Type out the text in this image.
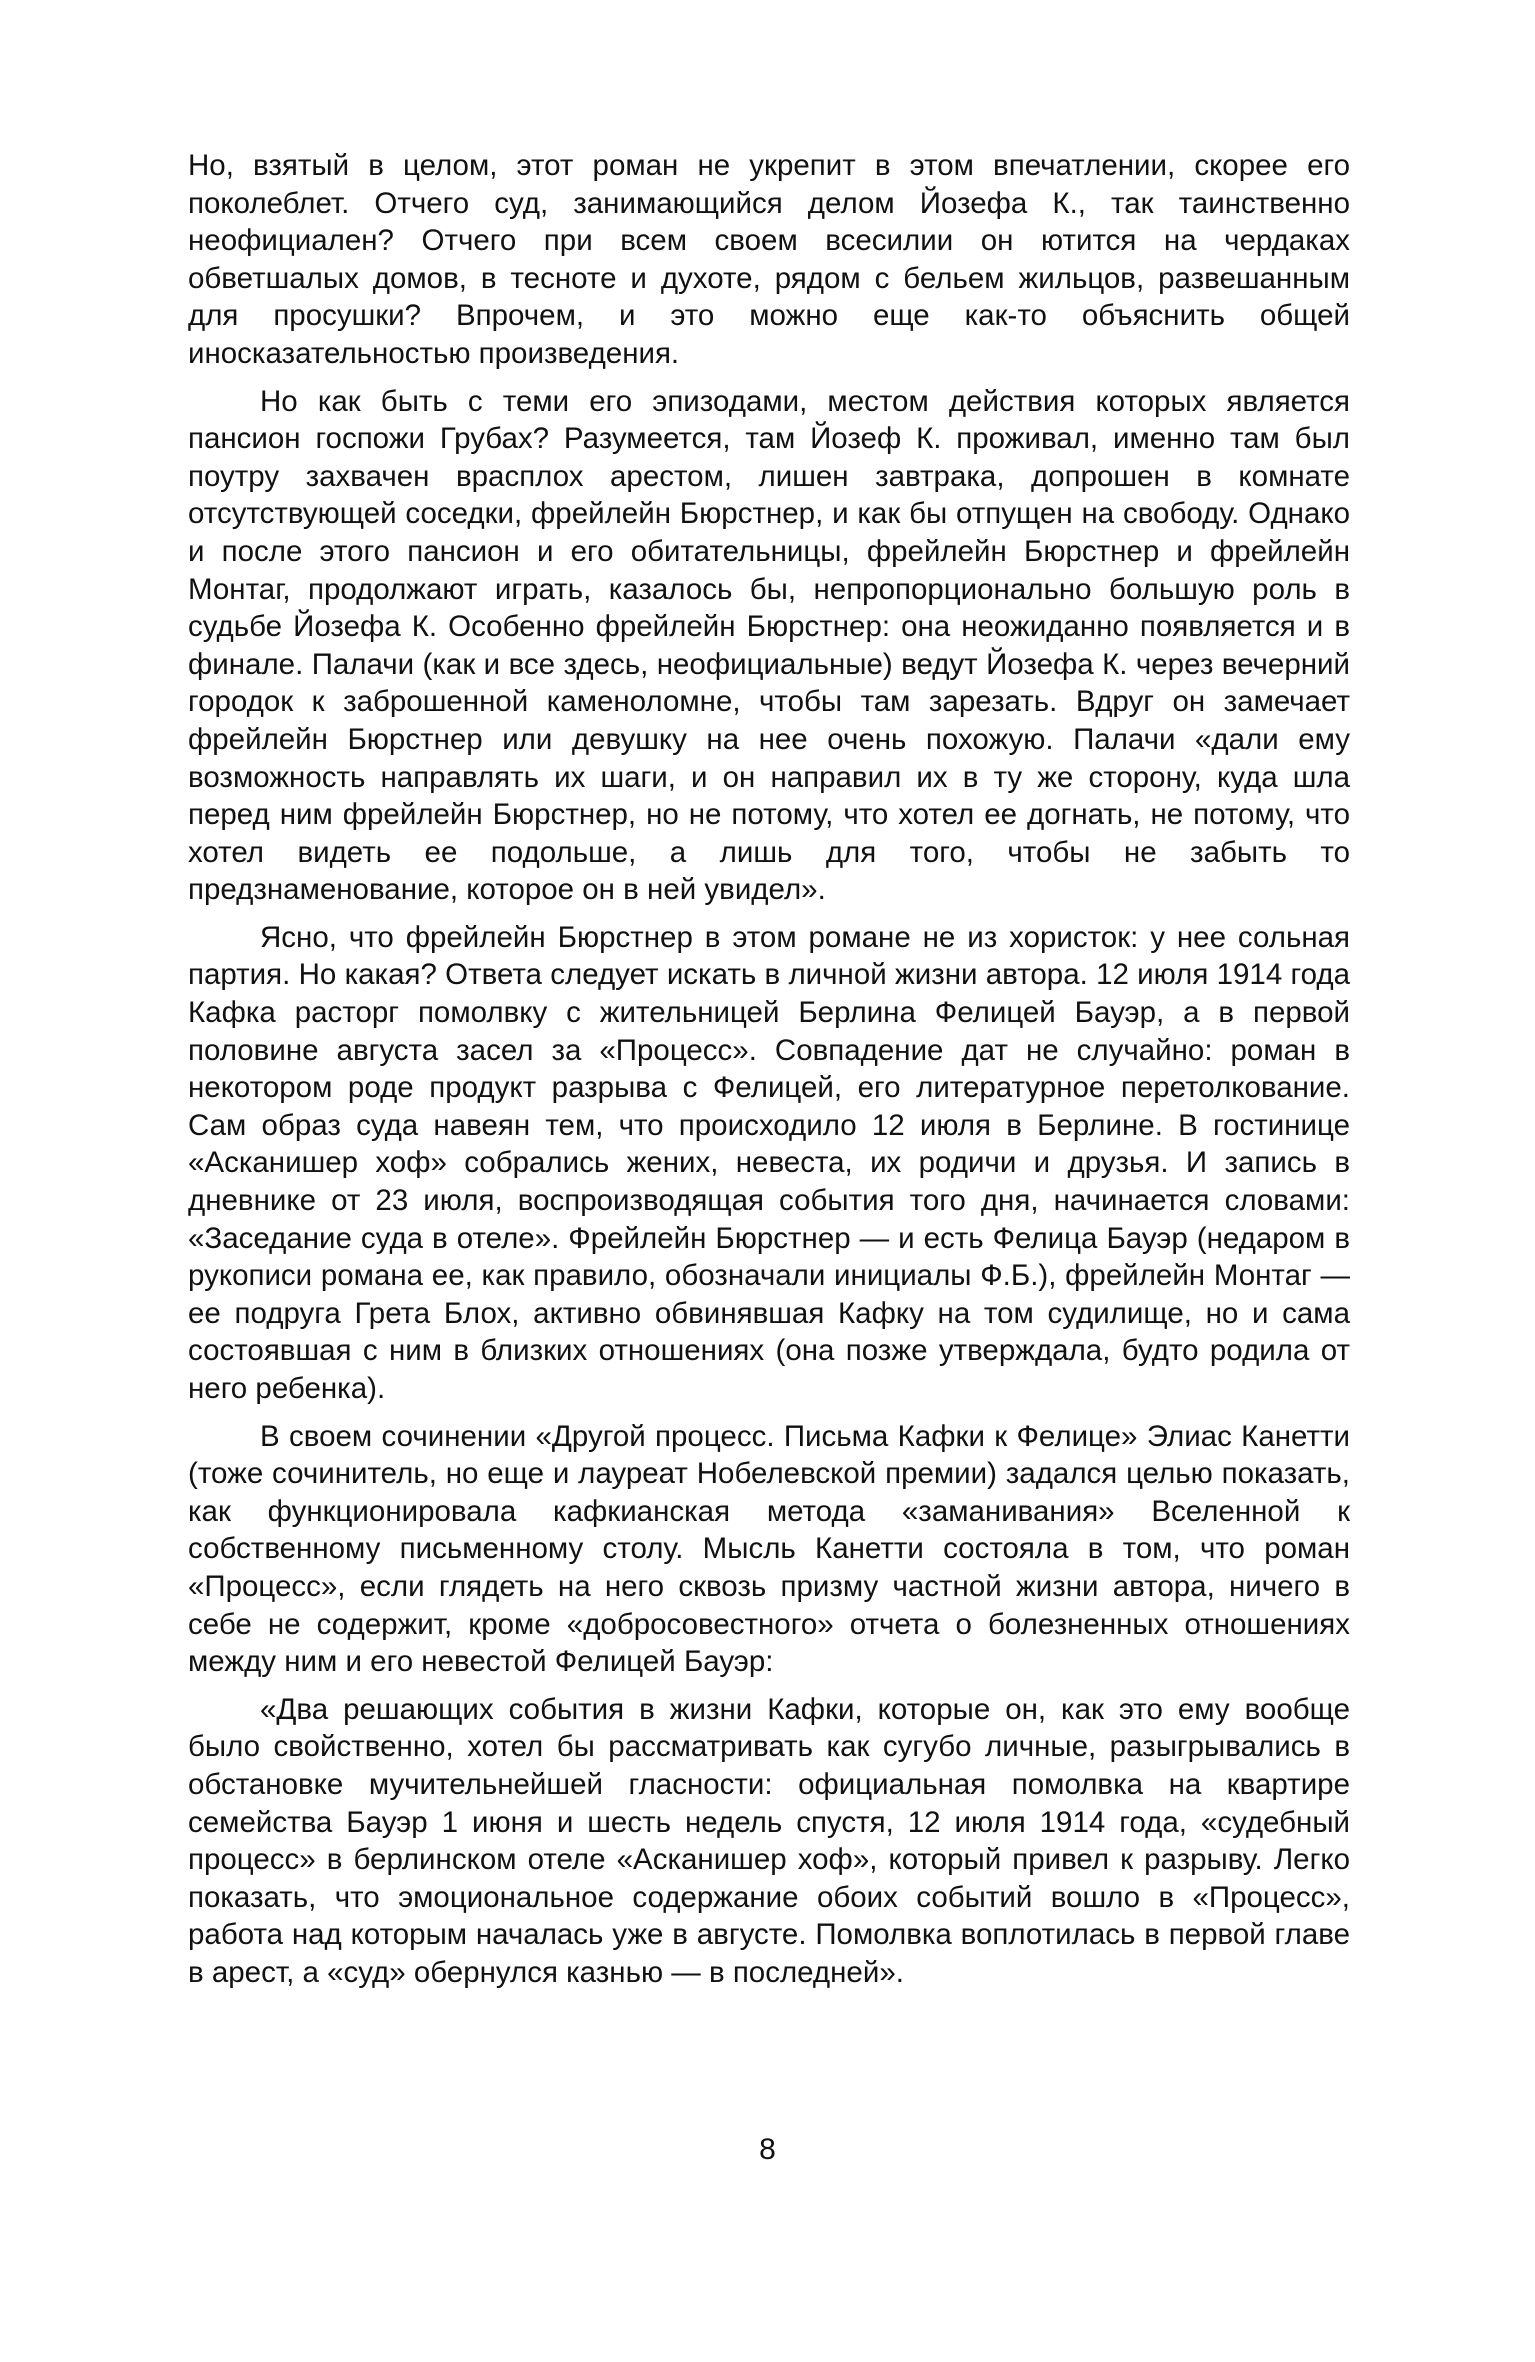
Но, взятый в целом, этот роман не укрепит в этом впечатлении, скорее его поколеблет. Отчего суд, занимающийся делом Йозефа К., так таинственно неофициален? Отчего при всем своем всесилии он ютится на чердаках обветшалых домов, в тесноте и духоте, рядом с бельем жильцов, развешанным для просушки? Впрочем, и это можно еще как-то объяснить общей иносказательностью произведения.

Но как быть с теми его эпизодами, местом действия которых является пансион госпожи Грубах? Разумеется, там Йозеф К. проживал, именно там был поутру захвачен врасплох арестом, лишен завтрака, допрошен в комнате отсутствующей соседки, фрейлейн Бюрстнер, и как бы отпущен на свободу. Однако и после этого пансион и его обитательницы, фрейлейн Бюрстнер и фрейлейн Монтаг, продолжают играть, казалось бы, непропорционально большую роль в судьбе Йозефа К. Особенно фрейлейн Бюрстнер: она неожиданно появляется и в финале. Палачи (как и все здесь, неофициальные) ведут Йозефа К. через вечерний городок к заброшенной каменоломне, чтобы там зарезать. Вдруг он замечает фрейлейн Бюрстнер или девушку на нее очень похожую. Палачи «дали ему возможность направлять их шаги, и он направил их в ту же сторону, куда шла перед ним фрейлейн Бюрстнер, но не потому, что хотел ее догнать, не потому, что хотел видеть ее подольше, а лишь для того, чтобы не забыть то предзнаменование, которое он в ней увидел».

Ясно, что фрейлейн Бюрстнер в этом романе не из хористок: у нее сольная партия. Но какая? Ответа следует искать в личной жизни автора. 12 июля 1914 года Кафка расторг помолвку с жительницей Берлина Фелицей Бауэр, а в первой половине августа засел за «Процесс». Совпадение дат не случайно: роман в некотором роде продукт разрыва с Фелицей, его литературное перетолкование. Сам образ суда навеян тем, что происходило 12 июля в Берлине. В гостинице «Асканишер хоф» собрались жених, невеста, их родичи и друзья. И запись в дневнике от 23 июля, воспроизводящая события того дня, начинается словами: «Заседание суда в отеле». Фрейлейн Бюрстнер — и есть Фелица Бауэр (недаром в рукописи романа ее, как правило, обозначали инициалы Ф.Б.), фрейлейн Монтаг — ее подруга Грета Блох, активно обвинявшая Кафку на том судилище, но и сама состоявшая с ним в близких отношениях (она позже утверждала, будто родила от него ребенка).

В своем сочинении «Другой процесс. Письма Кафки к Фелице» Элиас Канетти (тоже сочинитель, но еще и лауреат Нобелевской премии) задался целью показать, как функционировала кафкианская метода «заманивания» Вселенной к собственному письменному столу. Мысль Канетти состояла в том, что роман «Процесс», если глядеть на него сквозь призму частной жизни автора, ничего в себе не содержит, кроме «добросовестного» отчета о болезненных отношениях между ним и его невестой Фелицей Бауэр:

«Два решающих события в жизни Кафки, которые он, как это ему вообще было свойственно, хотел бы рассматривать как сугубо личные, разыгрывались в обстановке мучительнейшей гласности: официальная помолвка на квартире семейства Бауэр 1 июня и шесть недель спустя, 12 июля 1914 года, «судебный процесс» в берлинском отеле «Асканишер хоф», который привел к разрыву. Легко показать, что эмоциональное содержание обоих событий вошло в «Процесс», работа над которым началась уже в августе. Помолвка воплотилась в первой главе в арест, а «суд» обернулся казнью — в последней».

8
